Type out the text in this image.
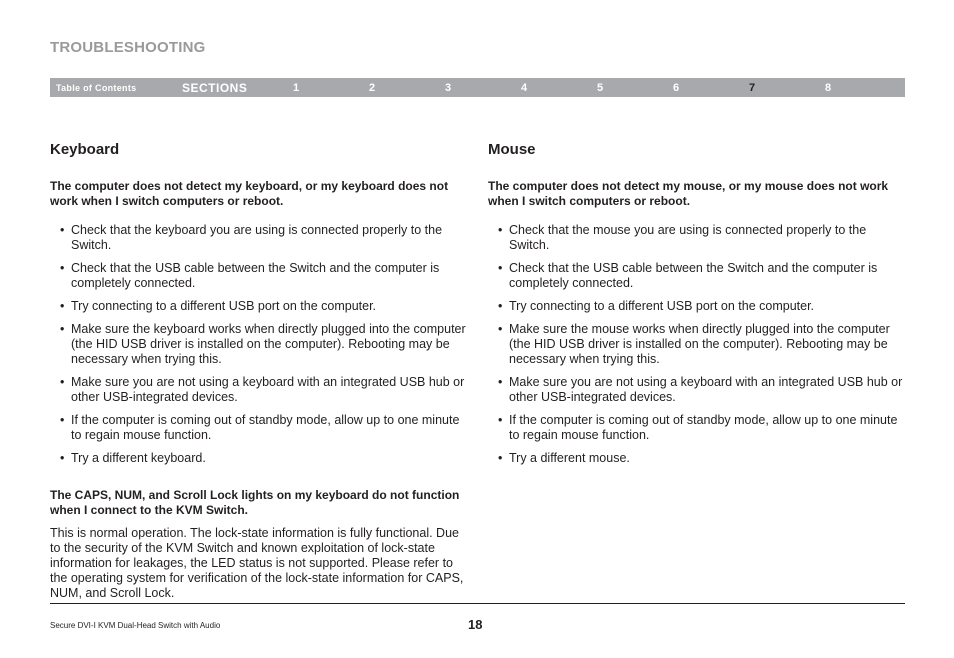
TROUBLESHOOTING
Table of Contents	SECTIONS	1	2	3	4	5	6	7	8
Keyboard

The computer does not detect my keyboard, or my keyboard does not work when I switch computers or reboot.

• Check that the keyboard you are using is connected properly to the Switch.
• Check that the USB cable between the Switch and the computer is completely connected.
• Try connecting to a different USB port on the computer.
• Make sure the keyboard works when directly plugged into the computer (the HID USB driver is installed on the computer). Rebooting may be necessary when trying this.
• Make sure you are not using a keyboard with an integrated USB hub or other USB-integrated devices.
• If the computer is coming out of standby mode, allow up to one minute to regain mouse function.
• Try a different keyboard.

The CAPS, NUM, and Scroll Lock lights on my keyboard do not function when I connect to the KVM Switch.

This is normal operation. The lock-state information is fully functional. Due to the security of the KVM Switch and known exploitation of lock-state information for leakages, the LED status is not supported. Please refer to the operating system for verification of the lock-state information for CAPS, NUM, and Scroll Lock.

Mouse

The computer does not detect my mouse, or my mouse does not work when I switch computers or reboot.

• Check that the mouse you are using is connected properly to the Switch.
• Check that the USB cable between the Switch and the computer is completely connected.
• Try connecting to a different USB port on the computer.
• Make sure the mouse works when directly plugged into the computer (the HID USB driver is installed on the computer). Rebooting may be necessary when trying this.
• Make sure you are not using a keyboard with an integrated USB hub or other USB-integrated devices.
• If the computer is coming out of standby mode, allow up to one minute to regain mouse function.
• Try a different mouse.
Secure DVI-I KVM Dual-Head Switch with Audio	18
